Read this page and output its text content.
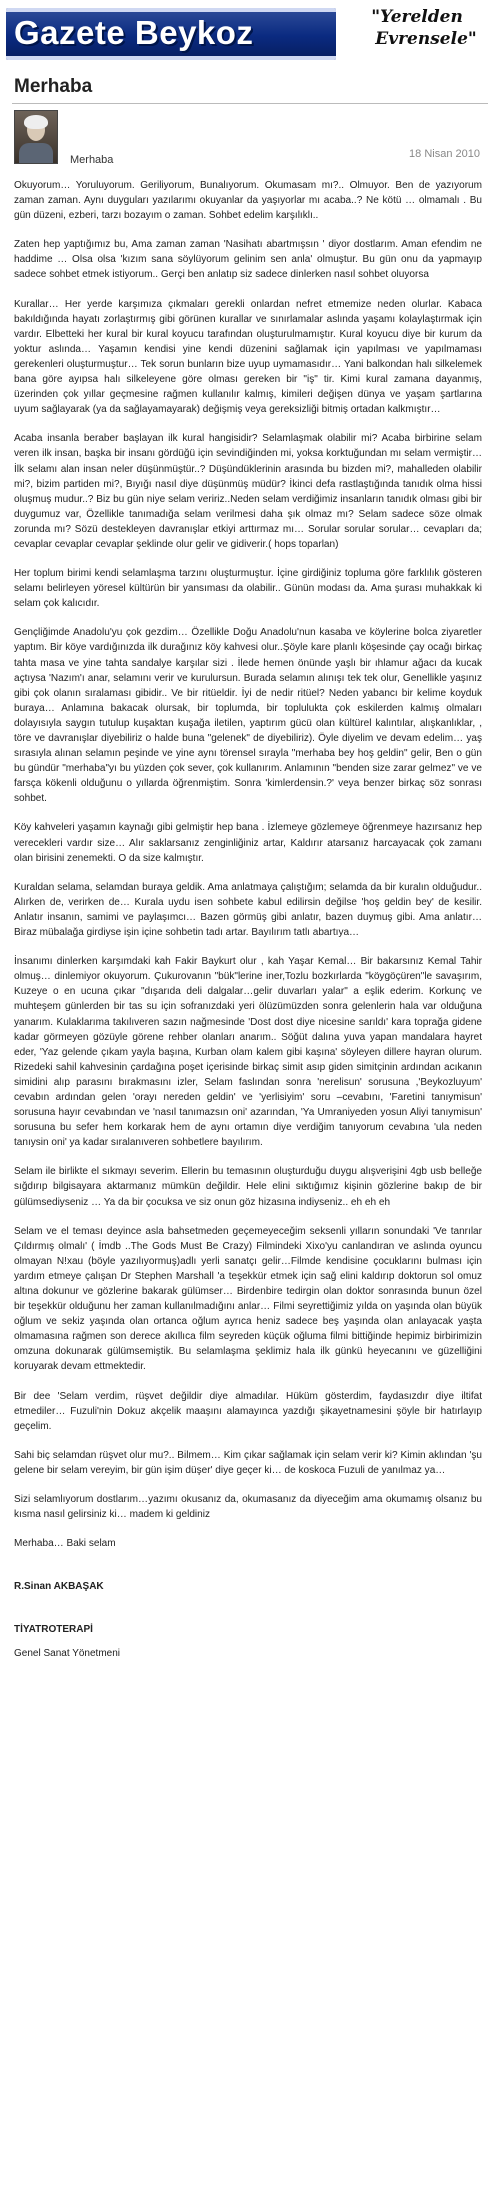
Gazete Beykoz	"Yerelden
Evrensele"
Merhaba
Merhaba	18 Nisan 2010

Okuyorum… Yoruluyorum. Geriliyorum, Bunalıyorum. Okumasam mı?.. Olmuyor. Ben de yazıyorum zaman zaman. Aynı duyguları yazılarımı okuyanlar da yaşıyorlar mı acaba..? Ne kötü … olmamalı . Bu gün düzeni, ezberi, tarzı bozayım o zaman. Sohbet edelim karşılıklı..

Zaten hep yaptığımız bu, Ama zaman zaman 'Nasihatı abartmışsın ' diyor dostlarım. Aman efendim ne haddime … Olsa olsa 'kızım sana söylüyorum gelinim sen anla' olmuştur. Bu gün onu da yapmayıp sadece sohbet etmek istiyorum.. Gerçi ben anlatıp siz sadece dinlerken nasıl sohbet oluyorsa

Kurallar… Her yerde karşımıza çıkmaları gerekli onlardan nefret etmemize neden olurlar. Kabaca bakıldığında hayatı zorlaştırmış gibi görünen kurallar ve sınırlamalar aslında yaşamı kolaylaştırmak için vardır. Elbetteki her kural bir kural koyucu tarafından oluşturulmamıştır. Kural koyucu diye bir kurum da yoktur aslında… Yaşamın kendisi yine kendi düzenini sağlamak için yapılması ve yapılmaması gerekenleri oluşturmuştur… Tek sorun bunların bize uyup uymamasıdır… Yani balkondan halı silkelemek bana göre ayıpsa halı silkeleyene göre olması gereken bir "iş" tir. Kimi kural zamana dayanmış, üzerinden çok yıllar geçmesine rağmen kullanılır kalmış, kimileri değişen dünya ve yaşam şartlarına uyum sağlayarak (ya da sağlayamayarak) değişmiş veya gereksizliği bitmiş ortadan kalkmıştır…

Acaba insanla beraber başlayan ilk kural hangisidir? Selamlaşmak olabilir mi? Acaba birbirine selam veren ilk insan, başka bir insanı gördüğü için sevindiğinden mi, yoksa korktuğundan mı selam vermiştir… İlk selamı alan insan neler düşünmüştür..? Düşündüklerinin arasında bu bizden mi?, mahalleden olabilir mi?, bizim partiden mi?, Bıyığı nasıl diye düşünmüş müdür? İkinci defa rastlaştığında tanıdık olma hissi oluşmuş mudur..? Biz bu gün niye selam veririz..Neden selam verdiğimiz insanların tanıdık olması gibi bir duygumuz var, Özellikle tanımadığa selam verilmesi daha şık olmaz mı? Selam sadece söze olmak zorunda mı? Sözü destekleyen davranışlar etkiyi arttırmaz mı… Sorular sorular sorular… cevapları da; cevaplar cevaplar cevaplar şeklinde olur gelir ve gidiverir.( hops toparlan)

Her toplum birimi kendi selamlaşma tarzını oluşturmuştur. İçine girdiğiniz topluma göre farklılık gösteren selamı belirleyen yöresel kültürün bir yansıması da olabilir.. Günün modası da. Ama şurası muhakkak ki selam çok kalıcıdır.

Gençliğimde Anadolu'yu çok gezdim… Özellikle Doğu Anadolu'nun kasaba ve köylerine bolca ziyaretler yaptım. Bir köye vardığınızda ilk durağınız köy kahvesi olur..Şöyle kare planlı köşesinde çay ocağı birkaç tahta masa ve yine tahta sandalye karşılar sizi . İlede hemen önünde yaşlı bir ıhlamur ağacı da kucak açtıysa 'Nazım'ı anar, selamını verir ve kurulursun. Burada selamın alınışı tek tek olur, Genellikle yaşınız gibi çok olanın sıralaması gibidir.. Ve bir ritüeldir. İyi de nedir ritüel? Neden yabancı bir kelime koyduk buraya… Anlamına bakacak olursak, bir toplumda, bir topluluktа çok eskilerden kalmış olmaları dolayısıyla saygın tutulup kuşaktan kuşağa iletilen, yaptırım gücü olan kültürel kalıntılar, alışkanlıklar, , töre ve davranışlar diyebiliriz o halde buna "gelenek" de diyebiliriz). Öyle diyelim ve devam edelim… yaş sırasıyla alınan selamın peşinde ve yine aynı törensel sırayla "merhaba bey hoş geldin" gelir, Ben o gün bu gündür "merhaba"yı bu yüzden çok sever, çok kullanırım. Anlamının "benden size zarar gelmez" ve ve farsça kökenli olduğunu o yıllarda öğrenmiştim. Sonra 'kimlerdensin.?' veya benzer birkaç söz sonrası sohbet.

Köy kahveleri yaşamın kaynağı gibi gelmiştir hep bana . İzlemeye gözlemeye öğrenmeye hazırsanız hep verecekleri vardır size… Alır saklarsanız zenginliğiniz artar, Kaldırır atarsanız harcayacak çok zamanı olan birisini zenemekti. O da size kalmıştır.

Kuraldan selama, selamdan buraya geldik. Ama anlatmaya çalıştığım; selamda da bir kuralın olduğudur.. Alırken de, verirken de… Kurala uydu isen sohbete kabul edilirsin değilse 'hoş geldin bey' de kesilir. Anlatır insanın, samimi ve paylaşımcı… Bazen görmüş gibi anlatır, bazen duymuş gibi. Ama anlatır… Biraz mübalağa girdiyse işin içine sohbetin tadı artar. Bayılırım tatlı abartıya…

İnsanımı dinlerken karşımdaki kah Fakir Baykurt olur , kah Yaşar Kemal… Bir bakarsınız Kemal Tahir olmuş… dinlemiyor okuyorum. Çukurovanın "bük"lerine iner,Tozlu bozkırlarda "köygöçüren"le savaşırım, Kuzeye o en ucuna çıkar "dışarıda deli dalgalar…gelir duvarları yalar" a eşlik ederim. Korkunç ve muhteşem günlerden bir tas su için sofranızdaki yeri ölüzümüzden sonra gelenlerin hala var olduğuna yanarım. Kulaklarıma takılıveren sazın nağmesinde 'Dost dost diye nicesine sarıldı' kara toprağa gidene kadar görmeyen gözüyle görene rehber olanları anarım.. Söğüt dalına yuva yapan mandalara hayret eder, 'Yaz gelende çıkam yayla başına, Kurban olam kalem gibi kaşına' söyleyen dillere hayran olurum. Rizedeki sahil kahvesinin çardağına poşet içerisinde birkaç simit asıp giden simitçinin ardından acıkanın simidini alıp parasını bırakmasını izler, Selam faslından sonra 'nerelisun' sorusuna ,'Beykozluyum' cevabın ardından gelen 'orayı nereden geldin' ve 'yerlisiyim' soru –cevabını, 'Faretini tanıymisun' sorusuna hayır cevabından ve 'nasıl tanımazsın oni' azarından, 'Ya Umraniyeden yosun Aliyi tanıymisun' sorusuna bu sefer hem korkarak hem de aynı ortamın diye verdiğim tanıyorum cevabına 'ula neden tanıysin oni' ya kadar sıralanıveren sohbetlere bayılırım.

Selam ile birlikte el sıkmayı severim. Ellerin bu temasının oluşturduğu duygu alışverişini 4gb usb belleğe sığdırıp bilgisayara aktarmanız mümkün değildir. Hele elini sıktığımız kişinin gözlerine bakıp de bir gülümsediyseniz … Ya da bir çocuksa ve siz onun göz hizasına indiyseniz.. eh eh eh

Selam ve el teması deyince asla bahsetmeden geçemeyeceğim seksenli yılların sonundaki 'Ve tanrılar Çıldırmış olmalı' ( İmdb ..The Gods Must Be Crazy) Filmindeki Xixo'yu canlandıran ve aslında oyuncu olmayan N!xau (böyle yazılıyormuş)adlı yerli sanatçı gelir…Filmde kendisine çocuklarını bulması için yardım etmeye çalışan Dr Stephen Marshall 'a teşekkür etmek için sağ elini kaldırıp doktorun sol omuz altına dokunur ve gözlerine bakarak gülümser… Birdenbire tedirgin olan doktor sonrasında bunun özel bir teşekkür olduğunu her zaman kullanılmadığını anlar… Filmi seyrettiğimiz yılda on yaşında olan büyük oğlum ve sekiz yaşında olan ortanca oğlum ayrıca heniz sadece beş yaşında olan anlayacak yaşta olmamasına rağmen son derece akıllıca film seyreden küçük oğluma filmi bittiğinde hepimiz birbirimizin omzuna dokunarak gülümsemiştik. Bu selamlaşma şeklimiz hala ilk günkü heyecanını ve güzelliğini koruyarak devam ettmektedir.

Bir dee 'Selam verdim, rüşvet değildir diye almadılar. Hüküm gösterdim, faydasızdır diye iltifat etmediler… Fuzuli'nin Dokuz akçelik maaşını alamayınca yazdığı şikayetnamesini şöyle bir hatırlayıp geçelim.

Sahi biç selamdan rüşvet olur mu?.. Bilmem… Kim çıkar sağlamak için selam verir ki? Kimin aklından 'şu gelene bir selam vereyim, bir gün işim düşer' diye geçer ki… de koskoca Fuzuli de yanılmaz ya…

Sizi selamlıyorum dostlarım…yazımı okusanız da, okumasanız da diyeceğim ama okumamış olsanız bu kısma nasıl gelirsiniz ki… madem ki geldiniz

Merhaba… Baki selam

R.Sinan AKBAŞAK

TİYATROTERAPİ

Genel Sanat Yönetmeni
